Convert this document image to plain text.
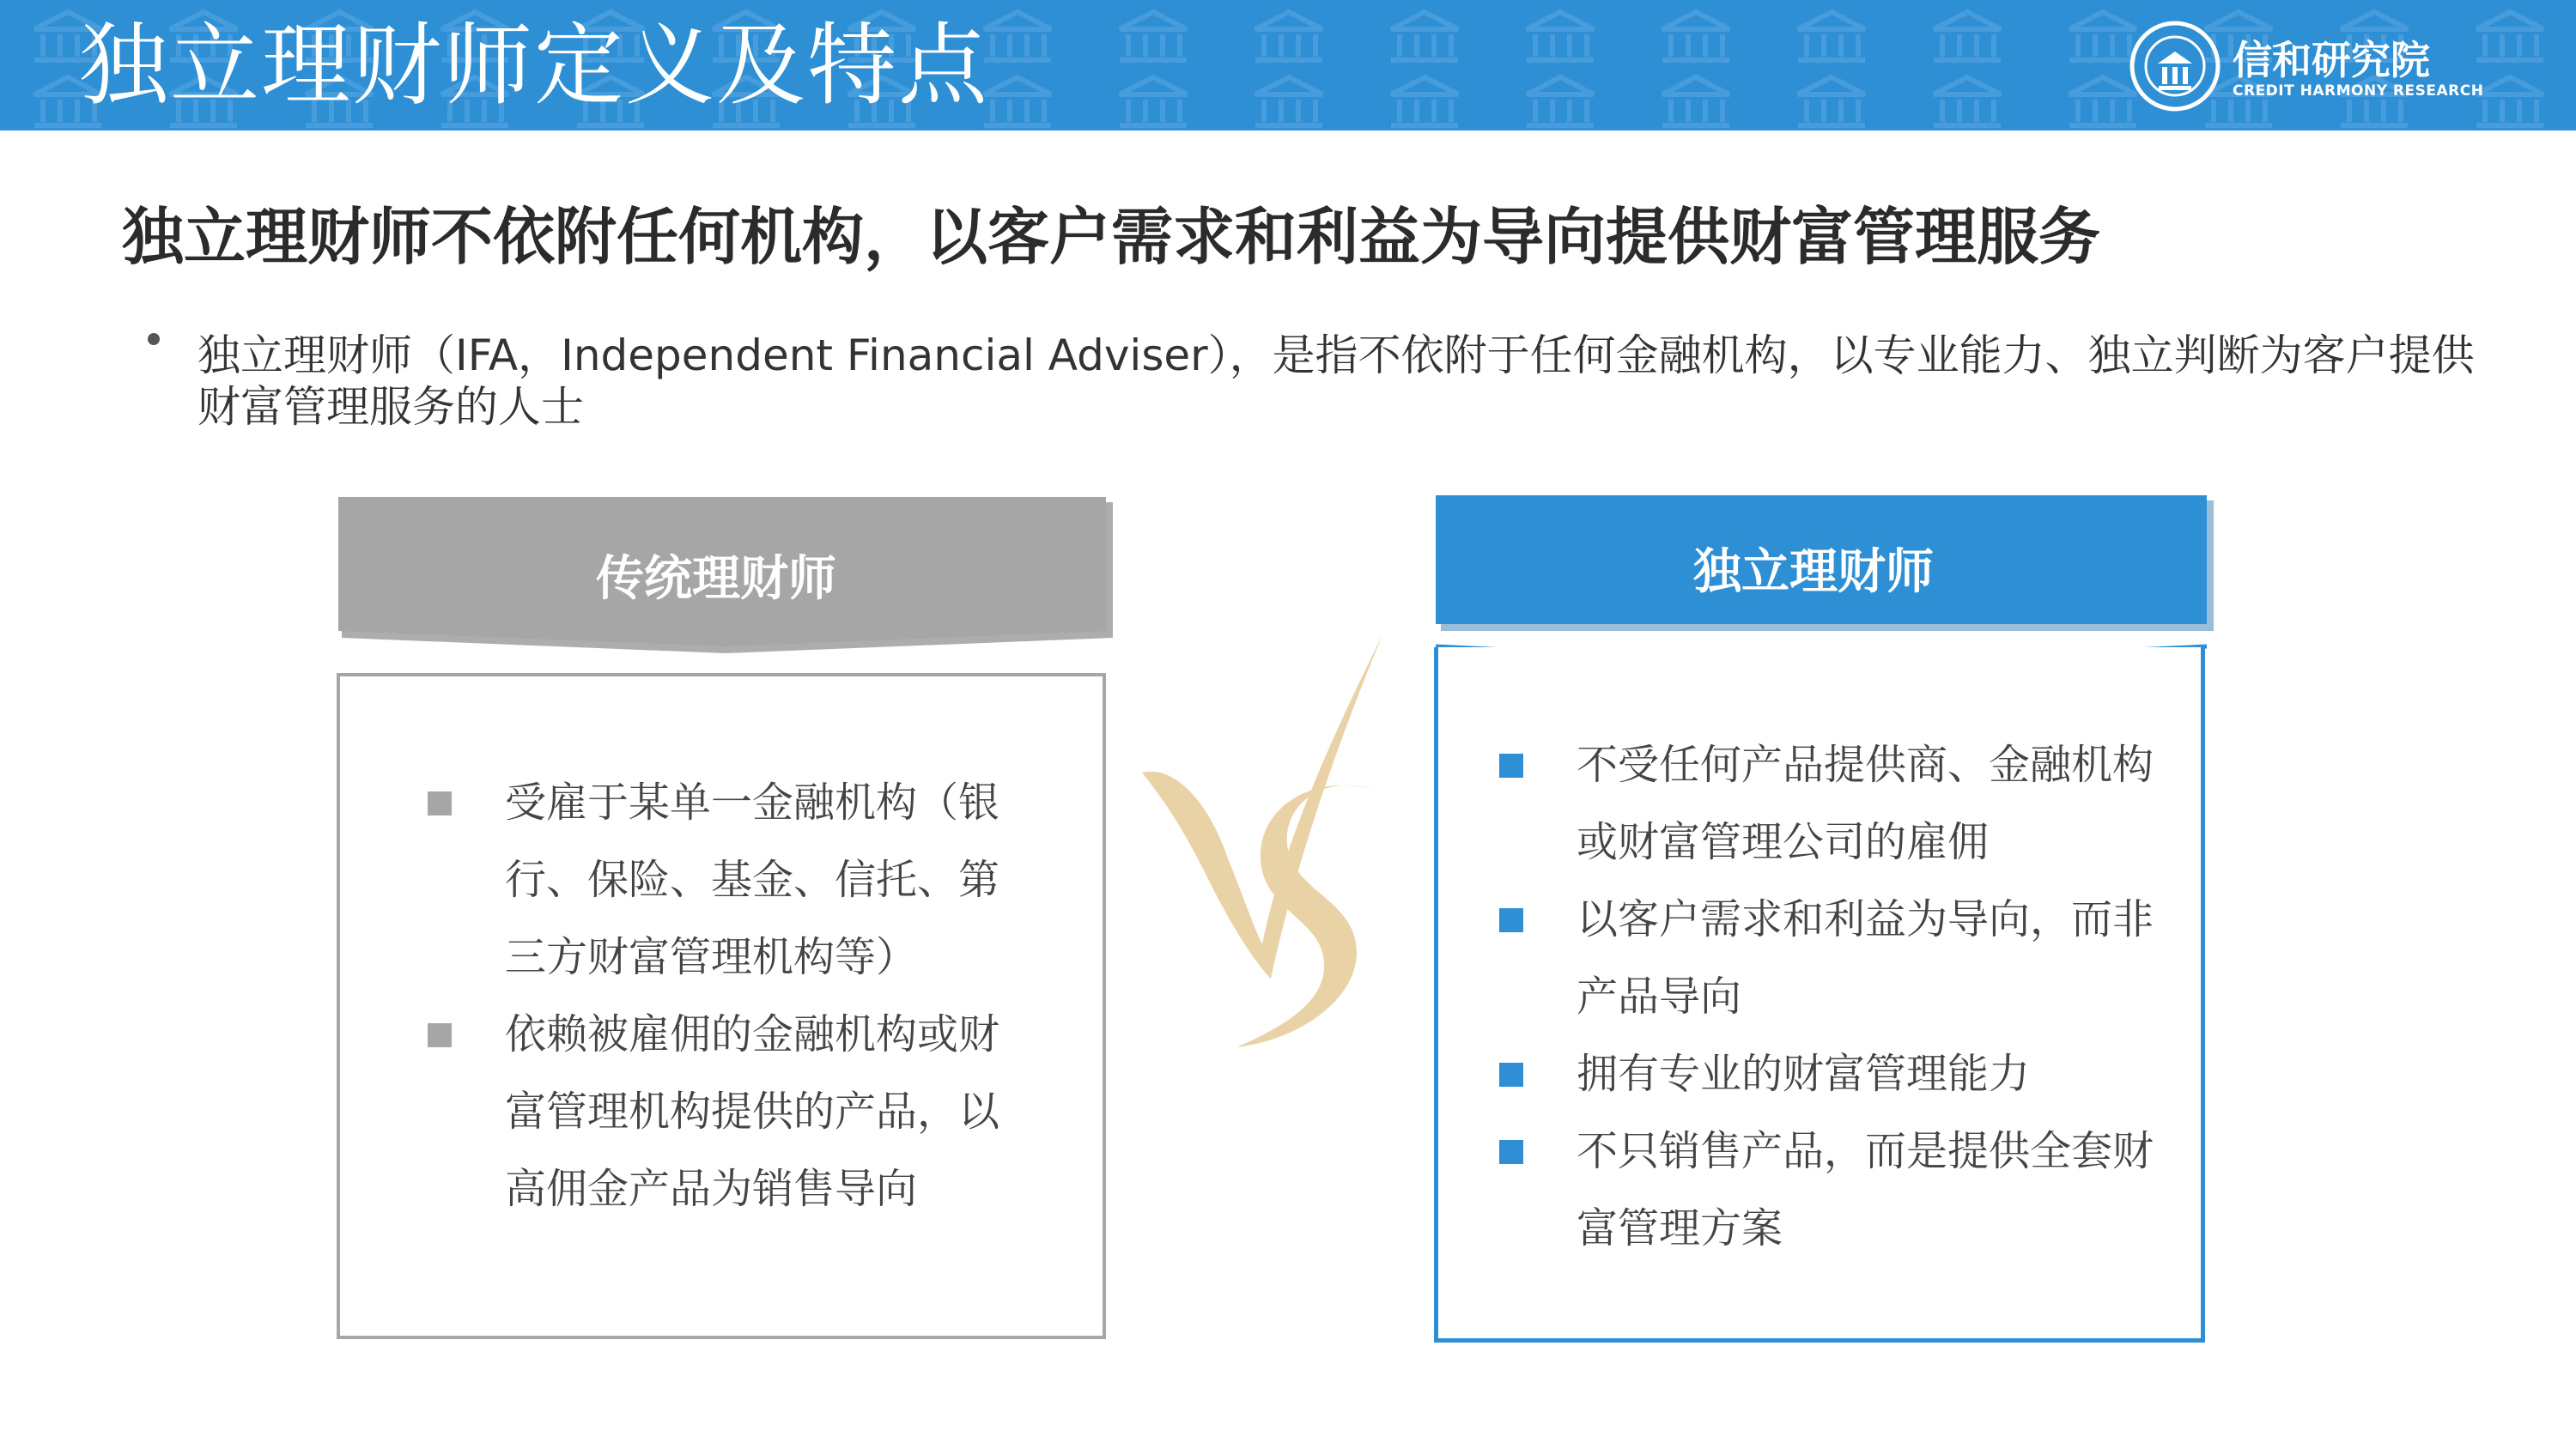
独立理财师定义及特点	信和研究院
CREDIT HARMONY RESEARCH
独立理财师不依附任何机构，以客户需求和利益为导向提供财富管理服务
独立理财师（IFA，Independent Financial Adviser），是指不依附于任何金融机构，以专业能力、独立判断为客户提供财富管理服务的人士
传统理财师
受雇于某单一金融机构（银行、保险、基金、信托、第三方财富管理机构等）
依赖被雇佣的金融机构或财富管理机构提供的产品，以高佣金产品为销售导向
独立理财师
不受任何产品提供商、金融机构或财富管理公司的雇佣
以客户需求和利益为导向，而非产品导向
拥有专业的财富管理能力
不只销售产品，而是提供全套财富管理方案
